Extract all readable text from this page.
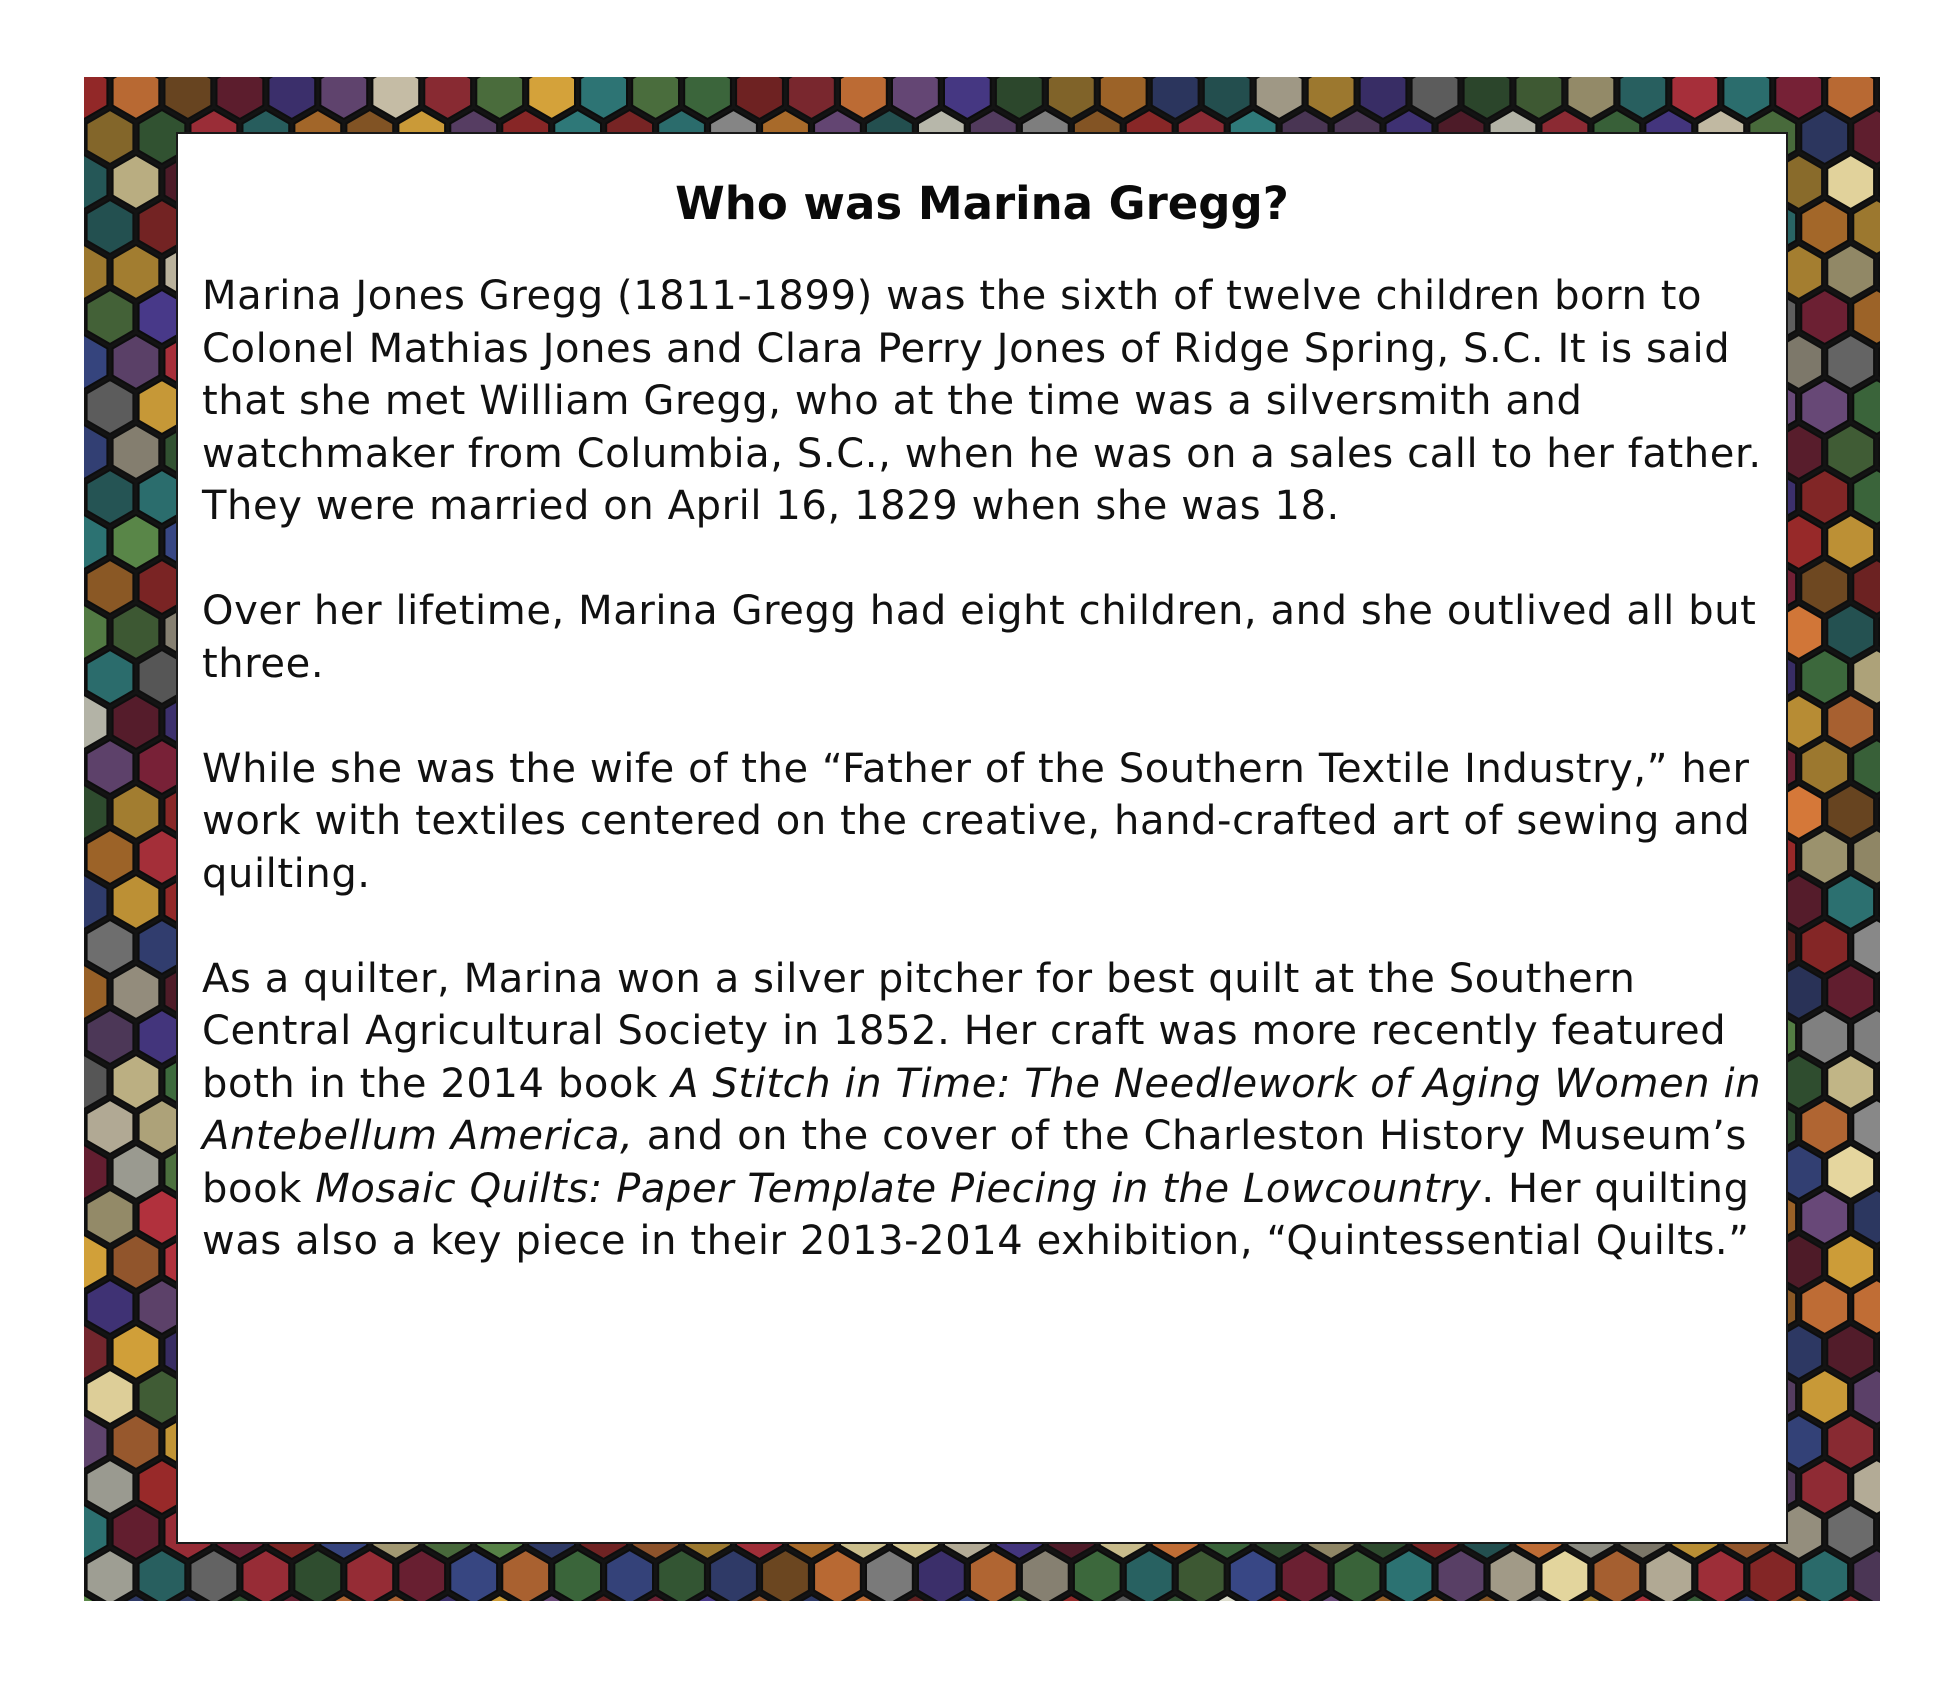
Who was Marina Gregg?

Marina Jones Gregg (1811-1899) was the sixth of twelve children born to Colonel Mathias Jones and Clara Perry Jones of Ridge Spring, S.C. It is said that she met William Gregg, who at the time was a silversmith and watchmaker from Columbia, S.C., when he was on a sales call to her father. They were married on April 16, 1829 when she was 18.

Over her lifetime, Marina Gregg had eight children, and she outlived all but three.

While she was the wife of the “Father of the Southern Textile Industry,” her work with textiles centered on the creative, hand-crafted art of sewing and quilting.

As a quilter, Marina won a silver pitcher for best quilt at the Southern Central Agricultural Society in 1852. Her craft was more recently featured both in the 2014 book A Stitch in Time: The Needlework of Aging Women in Antebellum America, and on the cover of the Charleston History Museum’s book Mosaic Quilts: Paper Template Piecing in the Lowcountry. Her quilting was also a key piece in their 2013-2014 exhibition, “Quintessential Quilts.”
